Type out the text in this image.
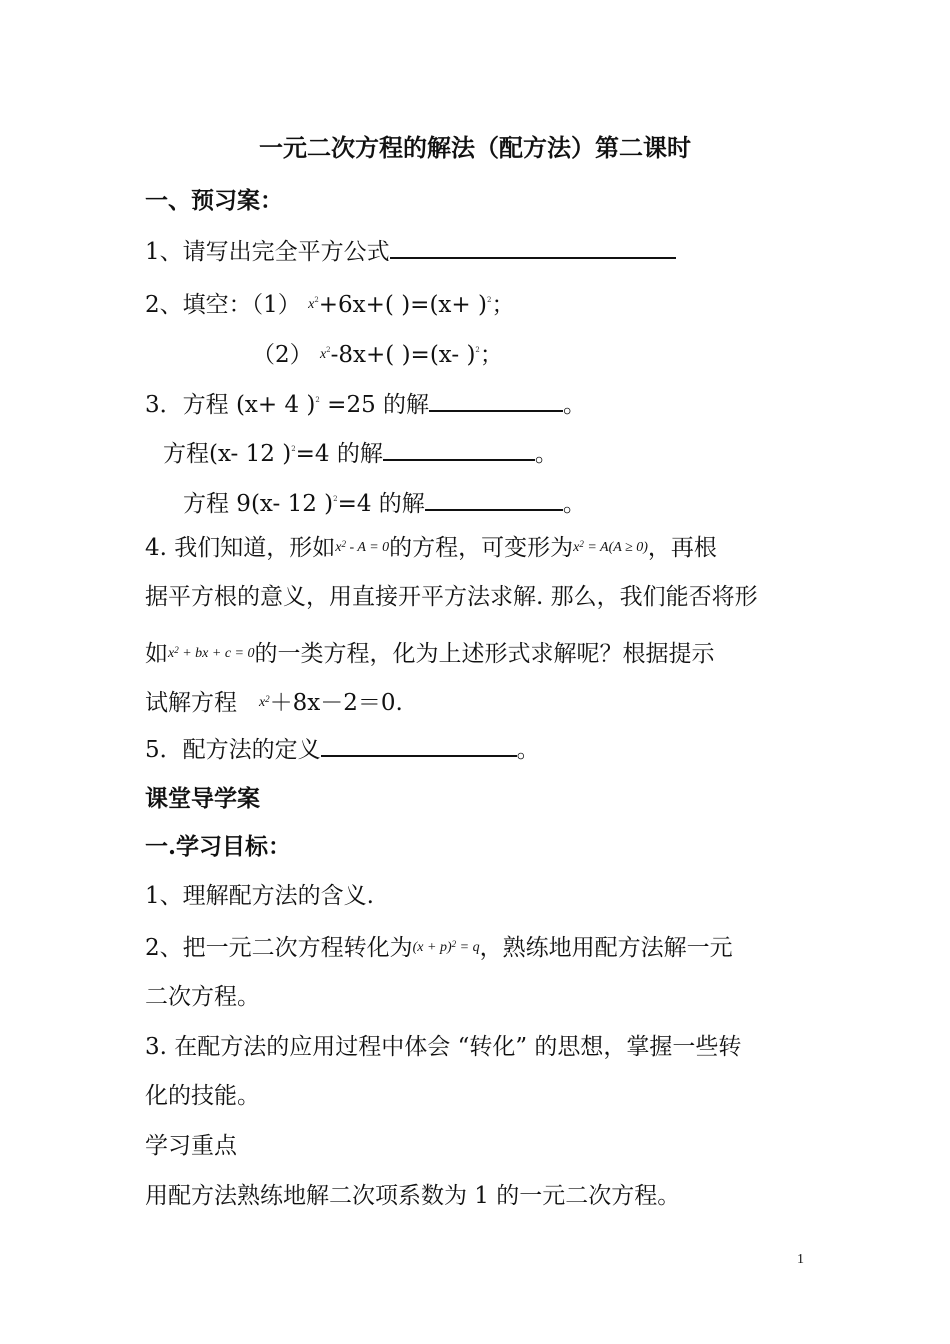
一元二次方程的解法（配方法）第二课时
一、预习案：
1、请写出完全平方公式
2、填空：（1） $x^2+6x+$( )$=(x+ )^2$；
（2） $x^2-8x+$( )=(x- )$^2$；
3．方程 (x+ 4 )$^2$ =25 的解	。
方程(x- 12 )$^2$=4 的解	。
方程 9(x- 12 )$^2$=4 的解	。
4. 我们知道，形如$x^2 - A = 0$的方程，可变形为$x^2 = A(A \ge 0)$，再根
据平方根的意义，用直接开平方法求解. 那么，我们能否将形
如$x^2$ + bx + c = 0的一类方程，化为上述形式求解呢？根据提示
试解方程 $x^2+8x-2=0$.
5．配方法的定义	。
课堂导学案
一.学习目标：
1、理解配方法的含义.
2、把一元二次方程转化为$(x + p)^2 = q$，熟练地用配方法解一元
二次方程。
3. 在配方法的应用过程中体会 “转化” 的思想，掌握一些转
化的技能。
学习重点
用配方法熟练地解二次项系数为 1 的一元二次方程。
1
